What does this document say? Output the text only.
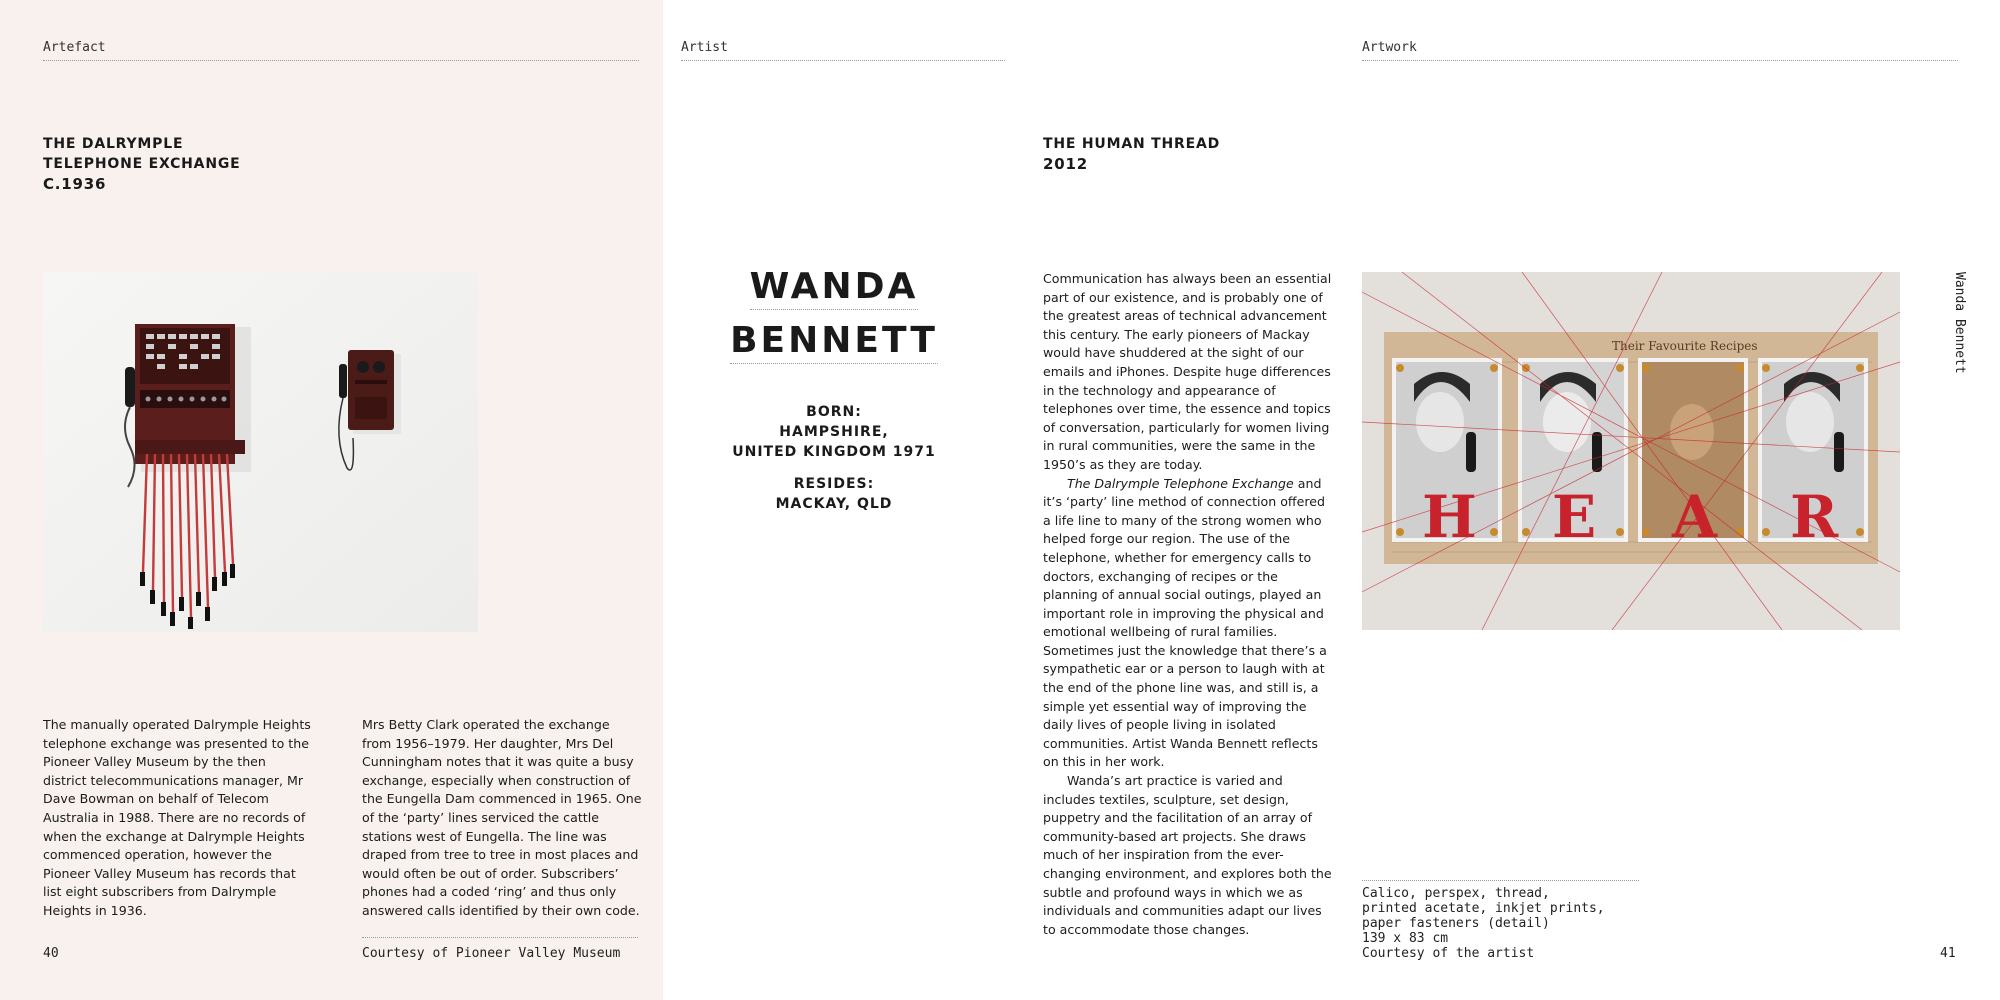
Artefact
THE DALRYMPLE
TELEPHONE EXCHANGE
C.1936
The manually operated Dalrymple Heights telephone exchange was presented to the Pioneer Valley Museum by the then district telecommunications manager, Mr Dave Bowman on behalf of Telecom Australia in 1988. There are no records of when the exchange at Dalrymple Heights commenced operation, however the Pioneer Valley Museum has records that list eight subscribers from Dalrymple Heights in 1936.
Mrs Betty Clark operated the exchange from 1956–1979. Her daughter, Mrs Del Cunningham notes that it was quite a busy exchange, especially when construction of the Eungella Dam commenced in 1965. One of the ‘party’ lines serviced the cattle stations west of Eungella. The line was draped from tree to tree in most places and would often be out of order. Subscribers’ phones had a coded ‘ring’ and thus only answered calls identified by their own code.
Courtesy of Pioneer Valley Museum
40
Artist
WANDA
BENNETT
BORN:
HAMPSHIRE,
UNITED KINGDOM 1971
RESIDES:
MACKAY, QLD
Artwork
THE HUMAN THREAD
2012

Communication has always been an essential part of our existence, and is probably one of the greatest areas of technical advancement this century. The early pioneers of Mackay would have shuddered at the sight of our emails and iPhones. Despite huge differences in the technology and appearance of telephones over time, the essence and topics of conversation, particularly for women living in rural communities, were the same in the 1950’s as they are today.

The Dalrymple Telephone Exchange and it’s ‘party’ line method of connection offered a life line to many of the strong women who helped forge our region. The use of the telephone, whether for emergency calls to doctors, exchanging of recipes or the planning of annual social outings, played an important role in improving the physical and emotional wellbeing of rural families. Sometimes just the knowledge that there’s a sympathetic ear or a person to laugh with at the end of the phone line was, and still is, a simple yet essential way of improving the daily lives of people living in isolated communities. Artist Wanda Bennett reflects on this in her work.

Wanda’s art practice is varied and includes textiles, sculpture, set design, puppetry and the facilitation of an array of community-based art projects. She draws much of her inspiration from the ever-changing environment, and explores both the subtle and profound ways in which we as individuals and communities adapt our lives to accommodate those changes.

Their Favourite Recipes
H E A R
Wanda Bennett
Calico, perspex, thread,
printed acetate, inkjet prints,
paper fasteners (detail)
139 x 83 cm
Courtesy of the artist	41
